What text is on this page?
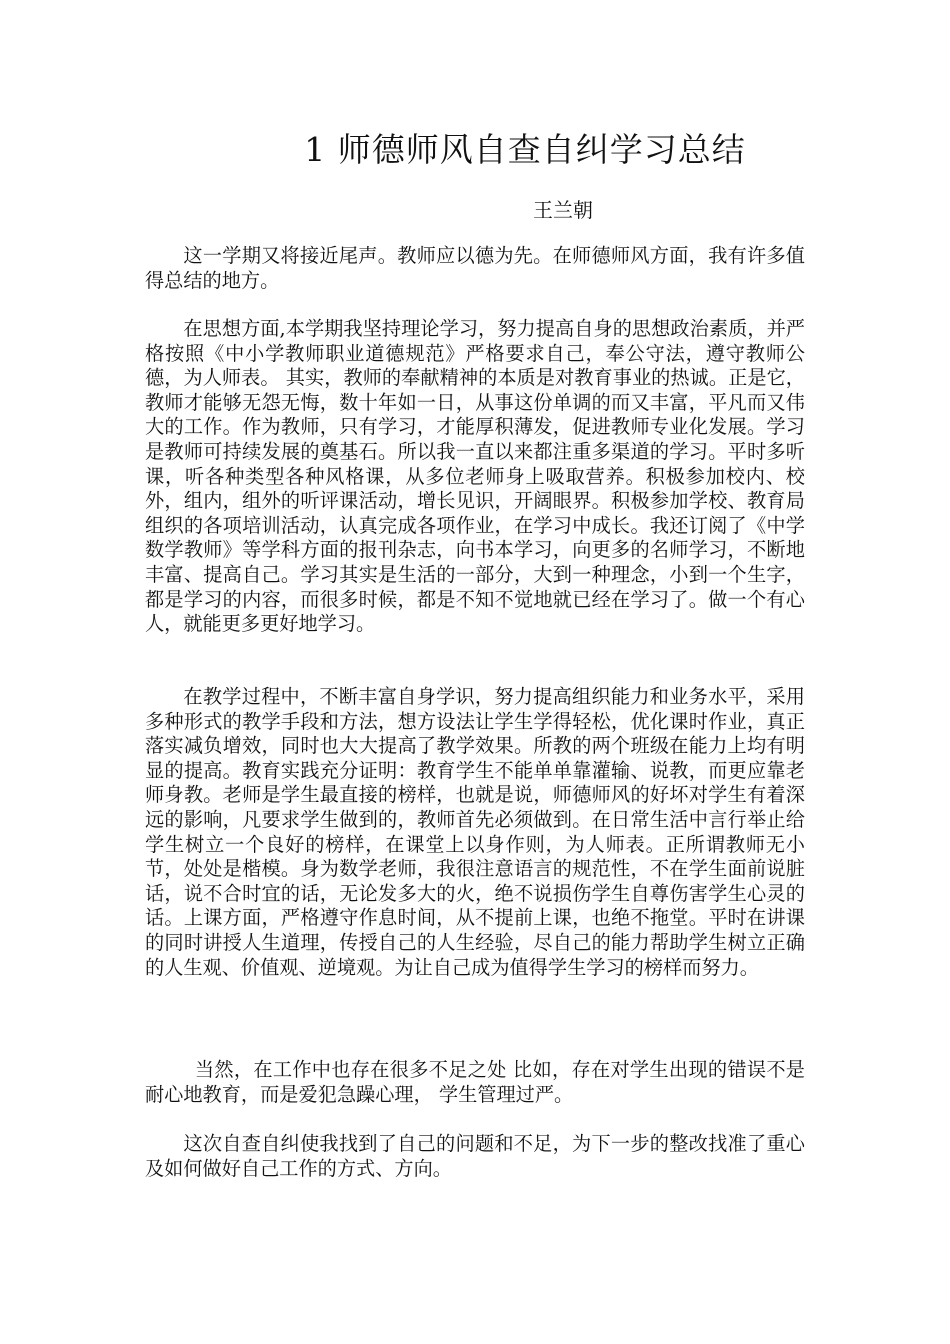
1 师德师风自查自纠学习总结
王兰朝

这一学期又将接近尾声。教师应以德为先。在师德师风方面，我有许多值得总结的地方。

在思想方面,本学期我坚持理论学习，努力提高自身的思想政治素质，并严格按照《中小学教师职业道德规范》严格要求自己，奉公守法，遵守教师公德，为人师表。 其实，教师的奉献精神的本质是对教育事业的热诚。正是它，教师才能够无怨无悔，数十年如一日，从事这份单调的而又丰富，平凡而又伟大的工作。作为教师，只有学习，才能厚积薄发，促进教师专业化发展。学习是教师可持续发展的奠基石。所以我一直以来都注重多渠道的学习。平时多听课，听各种类型各种风格课，从多位老师身上吸取营养。积极参加校内、校外，组内，组外的听评课活动，增长见识，开阔眼界。积极参加学校、教育局组织的各项培训活动，认真完成各项作业，在学习中成长。我还订阅了《中学数学教师》等学科方面的报刊杂志，向书本学习，向更多的名师学习，不断地丰富、提高自己。学习其实是生活的一部分，大到一种理念，小到一个生字，都是学习的内容，而很多时候，都是不知不觉地就已经在学习了。做一个有心人，就能更多更好地学习。

在教学过程中，不断丰富自身学识，努力提高组织能力和业务水平，采用多种形式的教学手段和方法，想方设法让学生学得轻松，优化课时作业，真正落实减负增效，同时也大大提高了教学效果。所教的两个班级在能力上均有明显的提高。教育实践充分证明：教育学生不能单单靠灌输、说教，而更应靠老师身教。老师是学生最直接的榜样，也就是说，师德师风的好坏对学生有着深远的影响，凡要求学生做到的，教师首先必须做到。在日常生活中言行举止给学生树立一个良好的榜样，在课堂上以身作则，为人师表。正所谓教师无小节，处处是楷模。身为数学老师，我很注意语言的规范性，不在学生面前说脏话，说不合时宜的话，无论发多大的火，绝不说损伤学生自尊伤害学生心灵的话。上课方面，严格遵守作息时间，从不提前上课，也绝不拖堂。平时在讲课的同时讲授人生道理，传授自己的人生经验，尽自己的能力帮助学生树立正确的人生观、价值观、逆境观。为让自己成为值得学生学习的榜样而努力。

当然，在工作中也存在很多不足之处 比如，存在对学生出现的错误不是耐心地教育，而是爱犯急躁心理， 学生管理过严。

这次自查自纠使我找到了自己的问题和不足，为下一步的整改找准了重心及如何做好自己工作的方式、方向。
